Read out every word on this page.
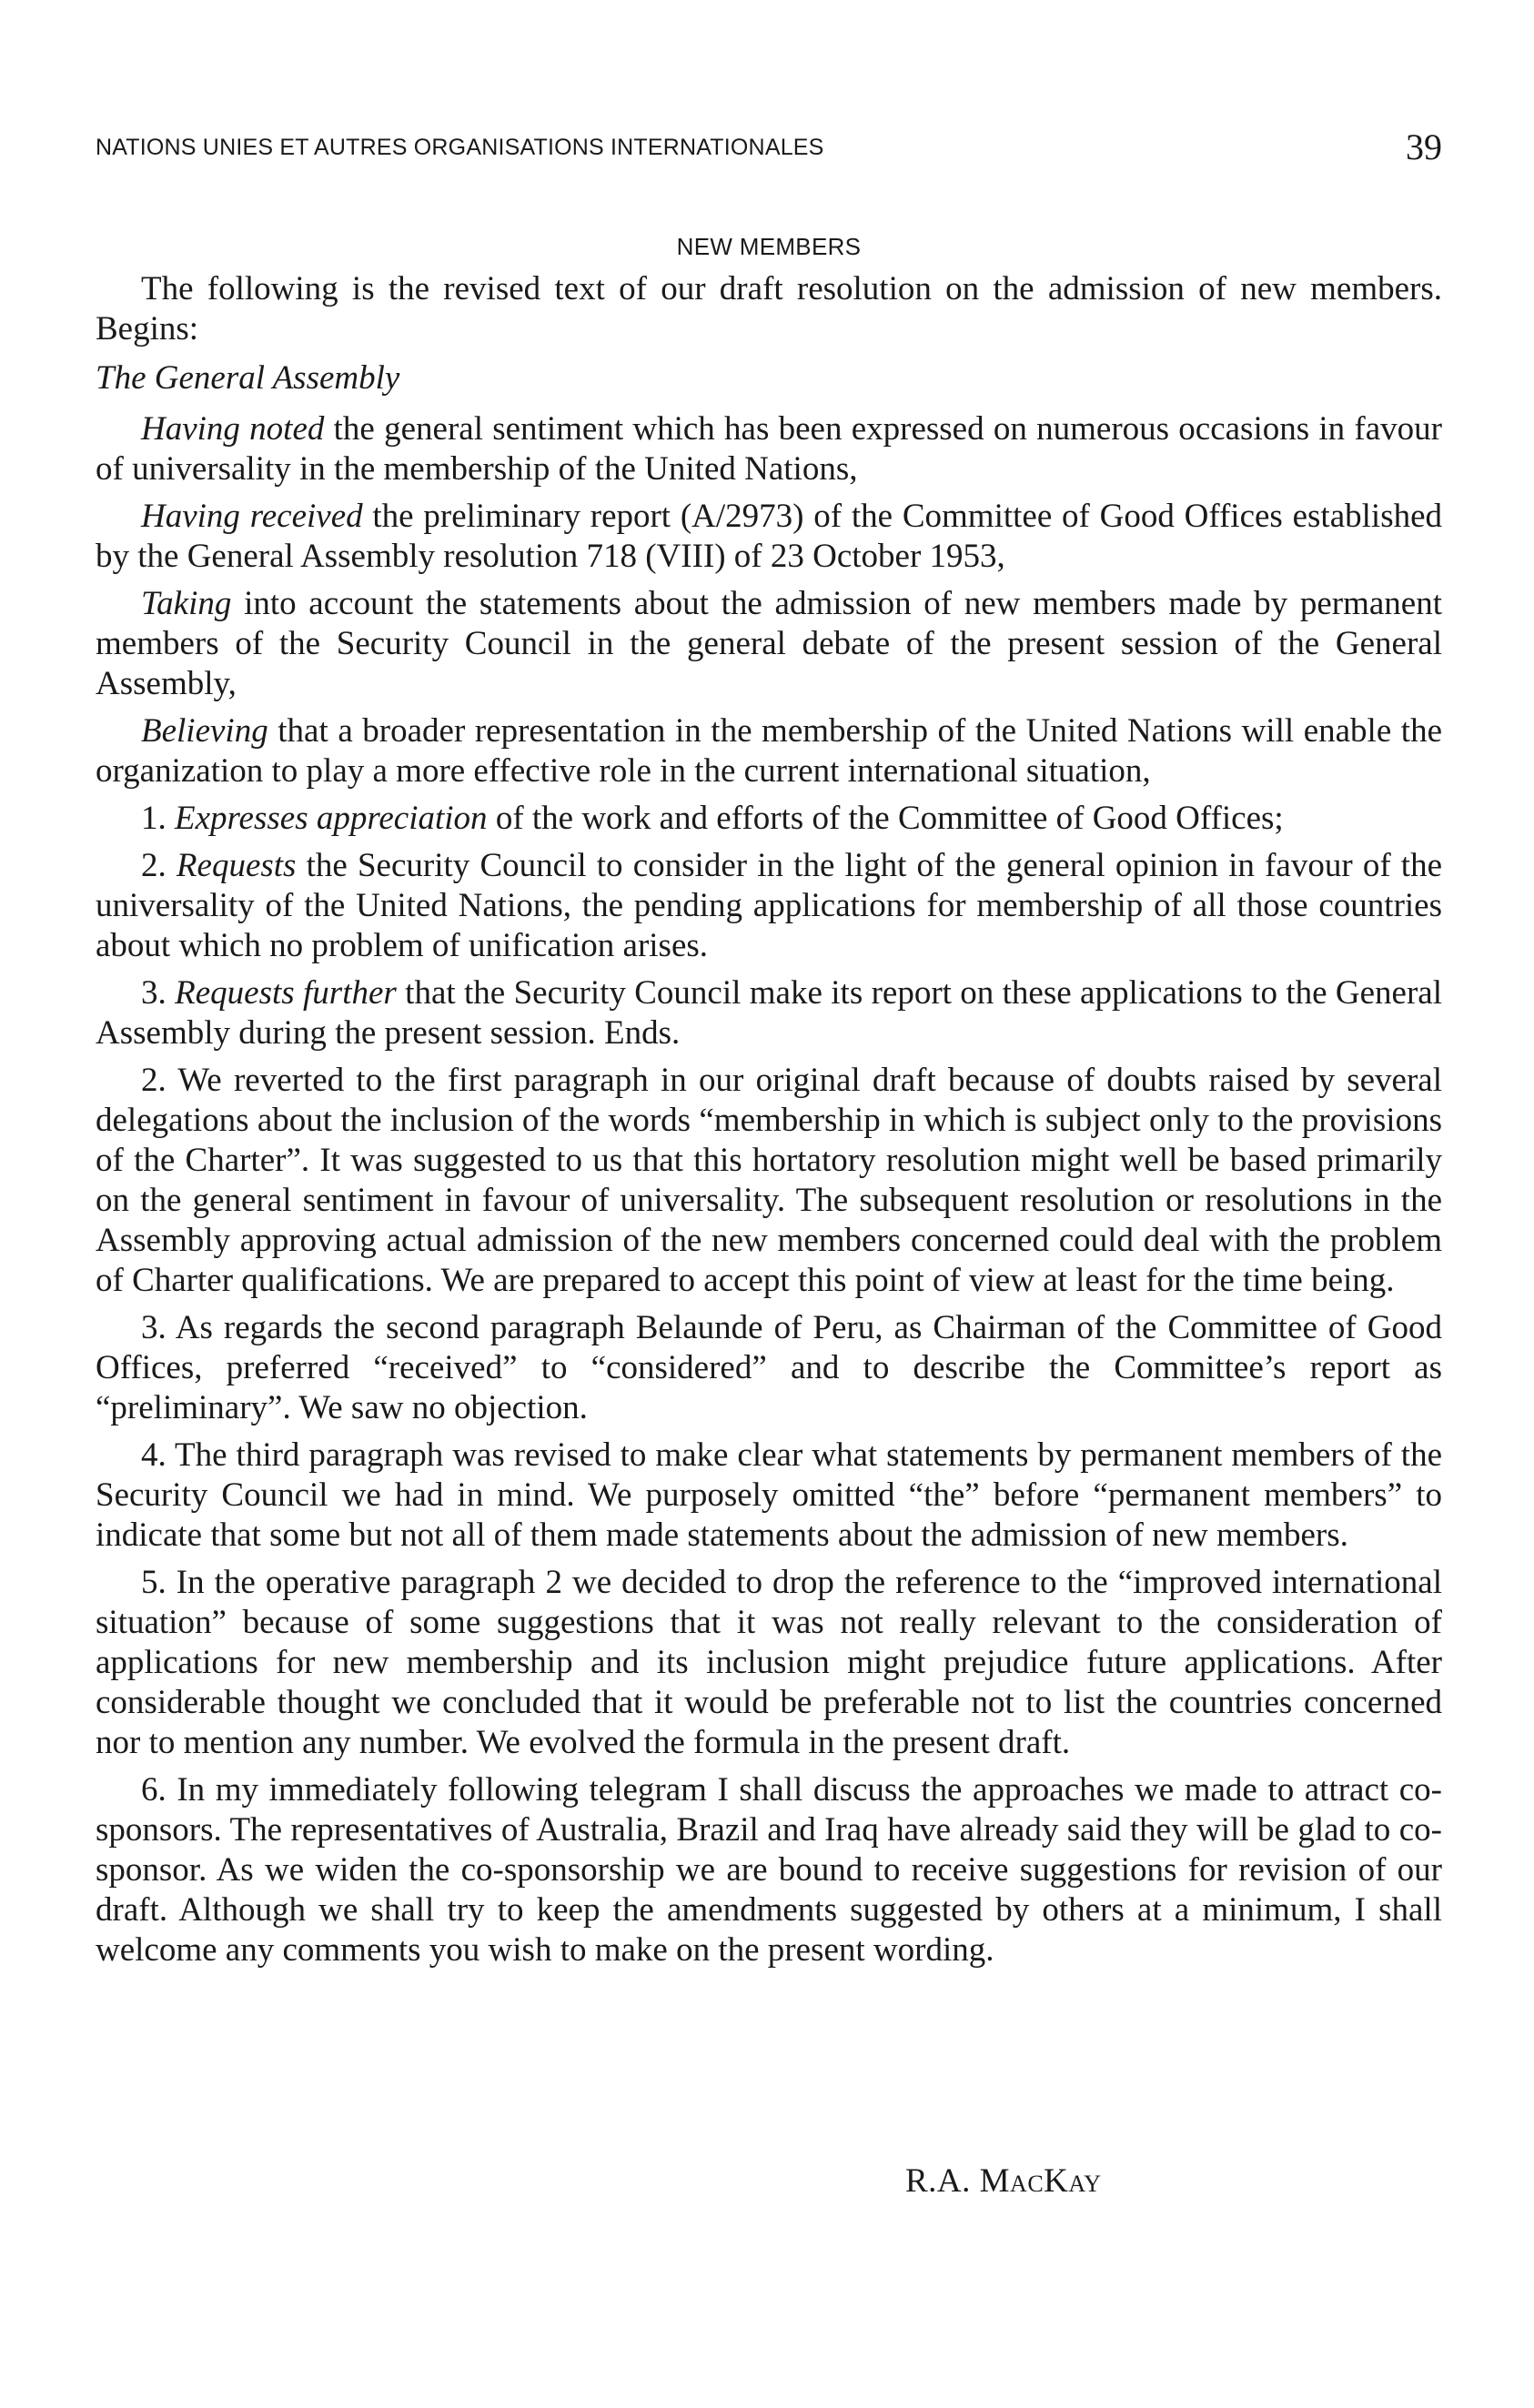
NATIONS UNIES ET AUTRES ORGANISATIONS INTERNATIONALES	39
NEW MEMBERS

The following is the revised text of our draft resolution on the admission of new members. Begins:

The General Assembly

Having noted the general sentiment which has been expressed on numerous occasions in favour of universality in the membership of the United Nations,

Having received the preliminary report (A/2973) of the Committee of Good Offices established by the General Assembly resolution 718 (VIII) of 23 October 1953,

Taking into account the statements about the admission of new members made by permanent members of the Security Council in the general debate of the present session of the General Assembly,

Believing that a broader representation in the membership of the United Nations will enable the organization to play a more effective role in the current international situation,

1. Expresses appreciation of the work and efforts of the Committee of Good Offices;

2. Requests the Security Council to consider in the light of the general opinion in favour of the universality of the United Nations, the pending applications for membership of all those countries about which no problem of unification arises.

3. Requests further that the Security Council make its report on these applications to the General Assembly during the present session. Ends.

2. We reverted to the first paragraph in our original draft because of doubts raised by several delegations about the inclusion of the words “membership in which is subject only to the provisions of the Charter”. It was suggested to us that this hortatory resolution might well be based primarily on the general sentiment in favour of universality. The subsequent resolution or resolutions in the Assembly approving actual admission of the new members concerned could deal with the problem of Charter qualifications. We are prepared to accept this point of view at least for the time being.

3. As regards the second paragraph Belaunde of Peru, as Chairman of the Committee of Good Offices, preferred “received” to “considered” and to describe the Committee’s report as “preliminary”. We saw no objection.

4. The third paragraph was revised to make clear what statements by permanent members of the Security Council we had in mind. We purposely omitted “the” before “permanent members” to indicate that some but not all of them made statements about the admission of new members.

5. In the operative paragraph 2 we decided to drop the reference to the “improved international situation” because of some suggestions that it was not really relevant to the consideration of applications for new membership and its inclusion might prejudice future applications. After considerable thought we concluded that it would be preferable not to list the countries concerned nor to mention any number. We evolved the formula in the present draft.

6. In my immediately following telegram I shall discuss the approaches we made to attract co-sponsors. The representatives of Australia, Brazil and Iraq have already said they will be glad to co-sponsor. As we widen the co-sponsorship we are bound to receive suggestions for revision of our draft. Although we shall try to keep the amendments suggested by others at a minimum, I shall welcome any comments you wish to make on the present wording.

R.A. MacKay
